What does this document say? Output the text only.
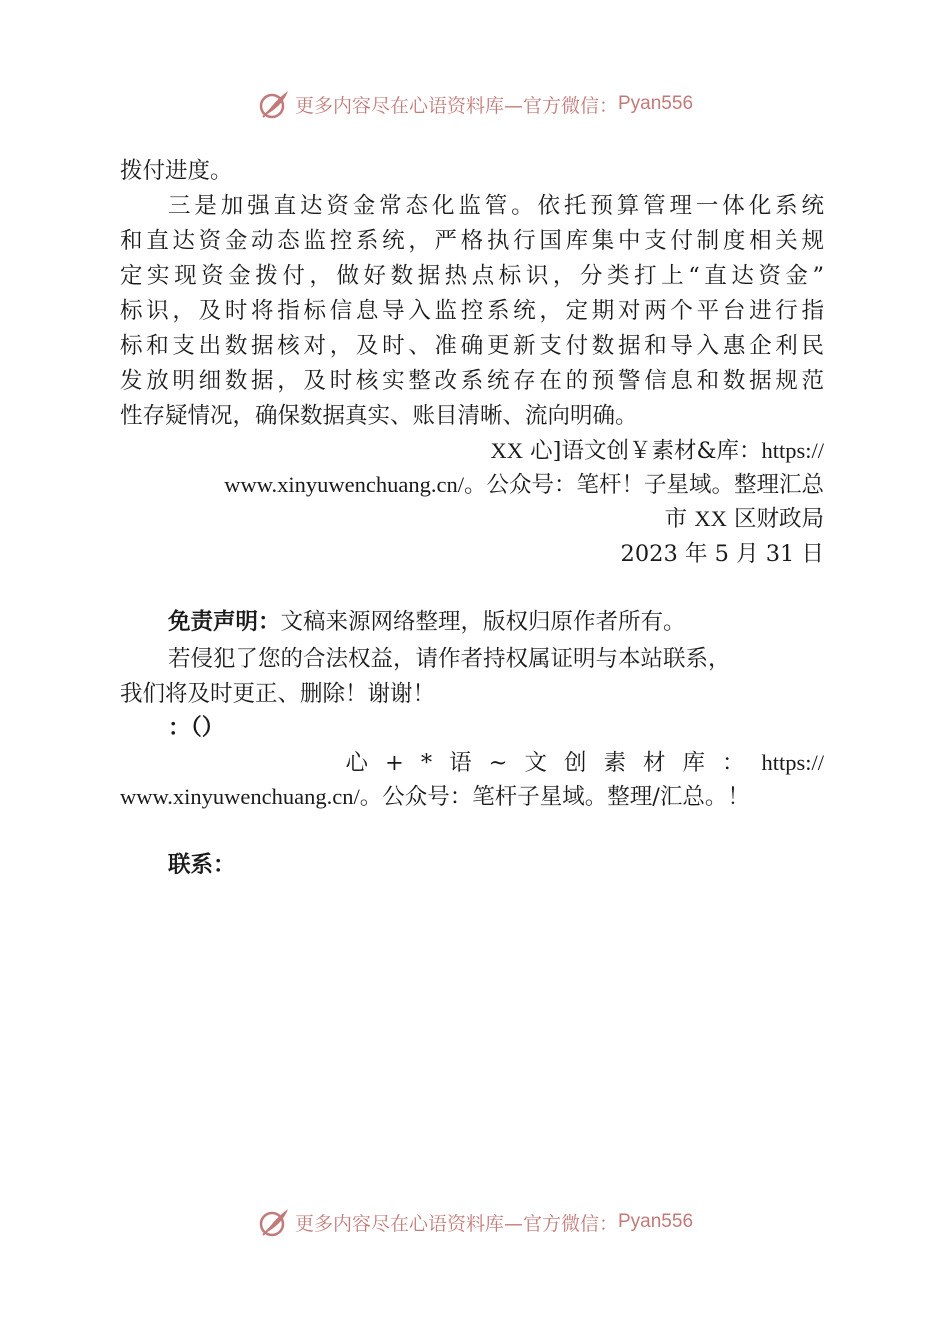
更多内容尽在心语资料库—官方微信： Pyan556
拨付进度。
三是加强直达资金常态化监管。依托预算管理一体化系统
和直达资金动态监控系统，严格执行国库集中支付制度相关规
定实现资金拨付，做好数据热点标识，分类打上“直达资金”
标识，及时将指标信息导入监控系统，定期对两个平台进行指
标和支出数据核对，及时、准确更新支付数据和导入惠企利民
发放明细数据，及时核实整改系统存在的预警信息和数据规范
性存疑情况，确保数据真实、账目清晰、流向明确。
XX 心]语文创￥素材&库：https://
www.xinyuwenchuang.cn/。公众号：笔杆！子星域。整理汇总
市 XX 区财政局
2023 年 5 月 31 日
免责声明：文稿来源网络整理，版权归原作者所有。
若侵犯了您的合法权益，请作者持权属证明与本站联系，
我们将及时更正、删除！谢谢！
：（）
心+*语~文创素材库：https://
www.xinyuwenchuang.cn/。公众号：笔杆子星域。整理/汇总。！
联系：
更多内容尽在心语资料库—官方微信： Pyan556
